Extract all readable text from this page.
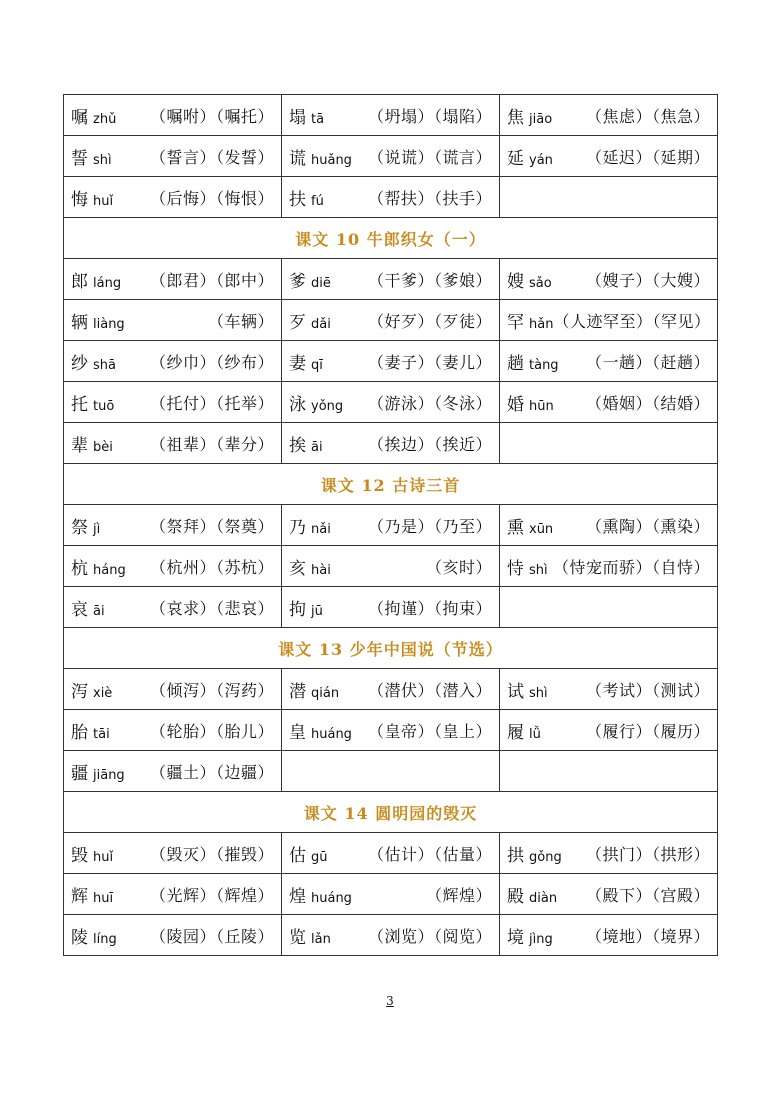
嘱 zhǔ （嘱咐）（嘱托）	塌 tā （坍塌）（塌陷）	焦 jiāo （焦虑）（焦急）

誓 shì （誓言）（发誓）	谎 huǎng （说谎）（谎言）	延 yán （延迟）（延期）

悔 huǐ （后悔）（悔恨）	扶 fú （帮扶）（扶手）	

课文 10 牛郎织女（一）		

郎 láng （郎君）（郎中）	爹 diē （干爹）（爹娘）	嫂 sǎo （嫂子）（大嫂）

辆 liàng （车辆）	歹 dǎi （好歹）（歹徒）	罕 hǎn （人迹罕至）（罕见）

纱 shā （纱巾）（纱布）	妻 qī （妻子）（妻儿）	趟 tàng （一趟）（赶趟）

托 tuō （托付）（托举）	泳 yǒng （游泳）（冬泳）	婚 hūn （婚姻）（结婚）

辈 bèi （祖辈）（辈分）	挨 āi （挨边）（挨近）	

课文 12 古诗三首		

祭 jì （祭拜）（祭奠）	乃 nǎi （乃是）（乃至）	熏 xūn （熏陶）（熏染）

杭 háng （杭州）（苏杭）	亥 hài （亥时）	恃 shì （恃宠而骄）（自恃）

哀 āi （哀求）（悲哀）	拘 jū （拘谨）（拘束）	

课文 13 少年中国说（节选）		

泻 xiè （倾泻）（泻药）	潜 qián （潜伏）（潜入）	试 shì （考试）（测试）

胎 tāi （轮胎）（胎儿）	皇 huáng （皇帝）（皇上）	履 lǚ （履行）（履历）

疆 jiāng （疆土）（边疆）		

课文 14 圆明园的毁灭		

毁 huǐ （毁灭）（摧毁）	估 gū （估计）（估量）	拱 gǒng （拱门）（拱形）

辉 huī （光辉）（辉煌）	煌 huáng （辉煌）	殿 diàn （殿下）（宫殿）

陵 líng （陵园）（丘陵）	览 lǎn （浏览）（阅览）	境 jìng （境地）（境界）
3
